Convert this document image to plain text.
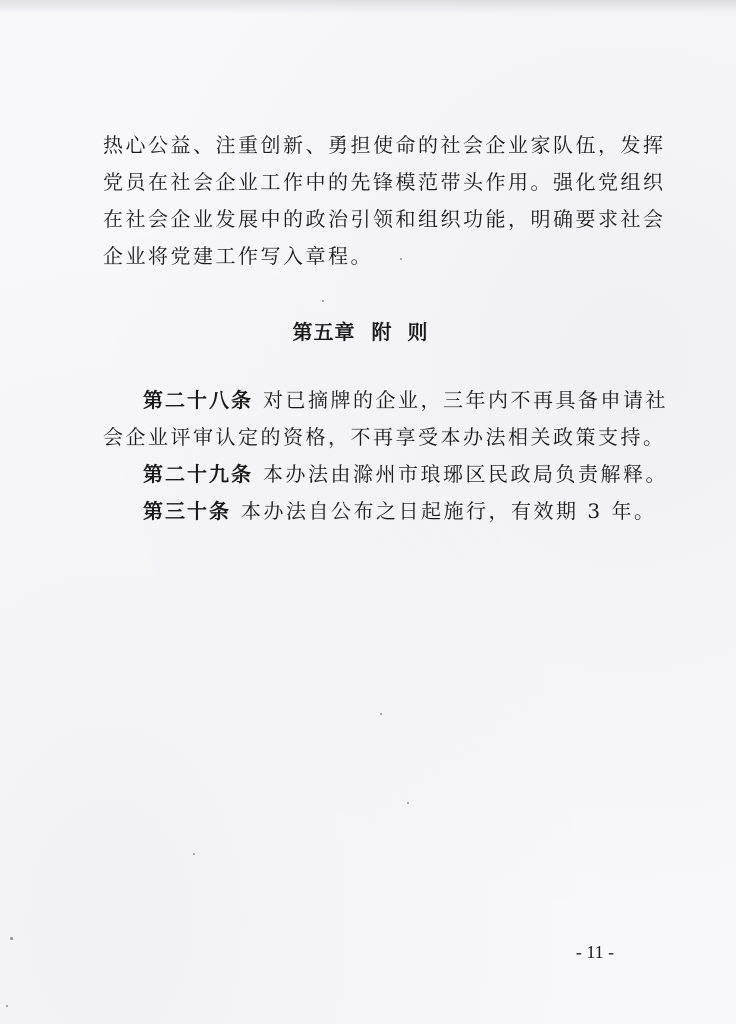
热心公益、注重创新、勇担使命的社会企业家队伍，发挥
党员在社会企业工作中的先锋模范带头作用。强化党组织
在社会企业发展中的政治引领和组织功能，明确要求社会
企业将党建工作写入章程。
第五章 附则
第二十八条 对已摘牌的企业，三年内不再具备申请社
会企业评审认定的资格，不再享受本办法相关政策支持。
第二十九条 本办法由滁州市琅琊区民政局负责解释。
第三十条 本办法自公布之日起施行，有效期 3 年。
- 11 -
